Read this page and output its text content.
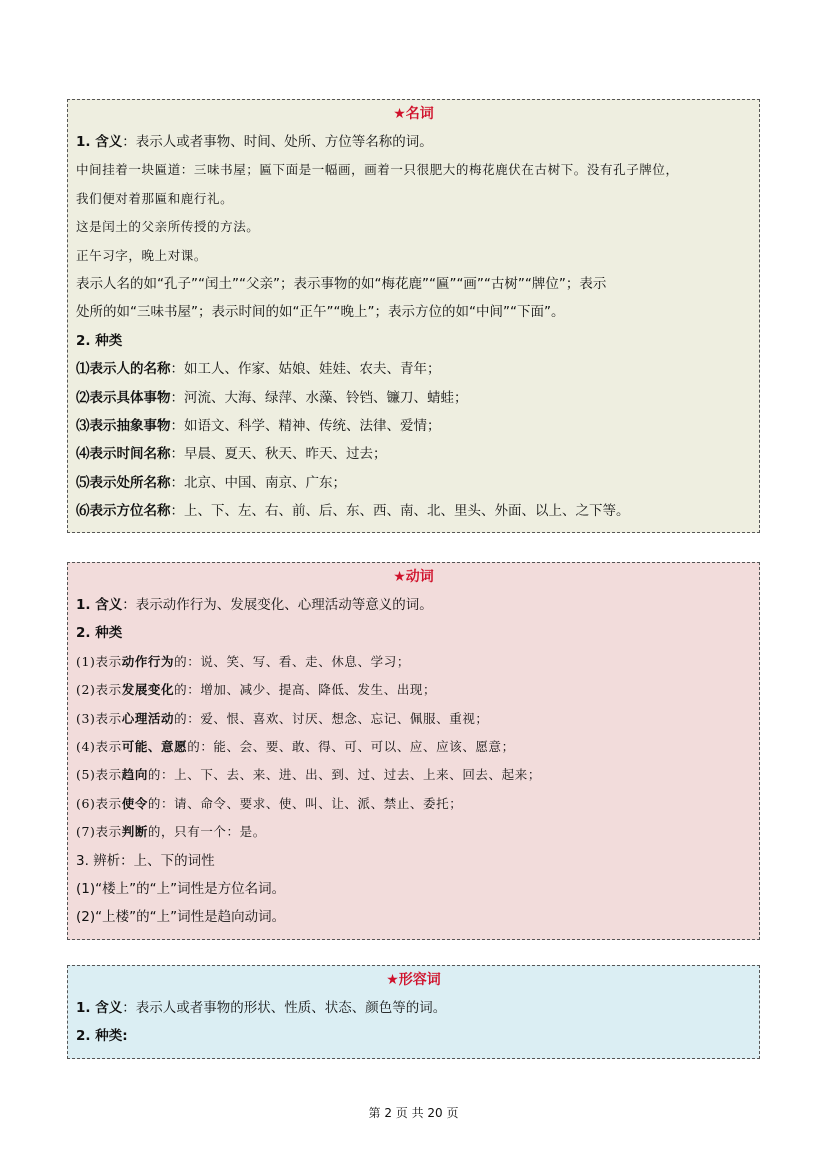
★名词
1. 含义：表示人或者事物、时间、处所、方位等名称的词。
中间挂着一块匾道：三味书屋；匾下面是一幅画，画着一只很肥大的梅花鹿伏在古树下。没有孔子牌位，
我们便对着那匾和鹿行礼。
这是闰土的父亲所传授的方法。
正午习字，晚上对课。
表示人名的如“孔子”“闰土”“父亲”；表示事物的如“梅花鹿”“匾”“画”“古树”“牌位”；表示
处所的如“三味书屋”；表示时间的如“正午”“晚上”；表示方位的如“中间”“下面”。
2. 种类
⑴表示人的名称：如工人、作家、姑娘、娃娃、农夫、青年；
⑵表示具体事物：河流、大海、绿萍、水藻、铃铛、镰刀、蜻蛙；
⑶表示抽象事物：如语文、科学、精神、传统、法律、爱情；
⑷表示时间名称：早晨、夏天、秋天、昨天、过去；
⑸表示处所名称：北京、中国、南京、广东；
⑹表示方位名称：上、下、左、右、前、后、东、西、南、北、里头、外面、以上、之下等。
★动词
1. 含义：表示动作行为、发展变化、心理活动等意义的词。
2. 种类
(1)表示动作行为的：说、笑、写、看、走、休息、学习；
(2)表示发展变化的：增加、减少、提高、降低、发生、出现；
(3)表示心理活动的：爱、恨、喜欢、讨厌、想念、忘记、佩服、重视；
(4)表示可能、意愿的：能、会、要、敢、得、可、可以、应、应该、愿意；
(5)表示趋向的：上、下、去、来、进、出、到、过、过去、上来、回去、起来；
(6)表示使令的：请、命令、要求、使、叫、让、派、禁止、委托；
(7)表示判断的，只有一个：是。
3. 辨析：上、下的词性
(1)“楼上”的“上”词性是方位名词。
(2)“上楼”的“上”词性是趋向动词。
★形容词
1. 含义：表示人或者事物的形状、性质、状态、颜色等的词。
2. 种类:
第 2 页 共 20 页
